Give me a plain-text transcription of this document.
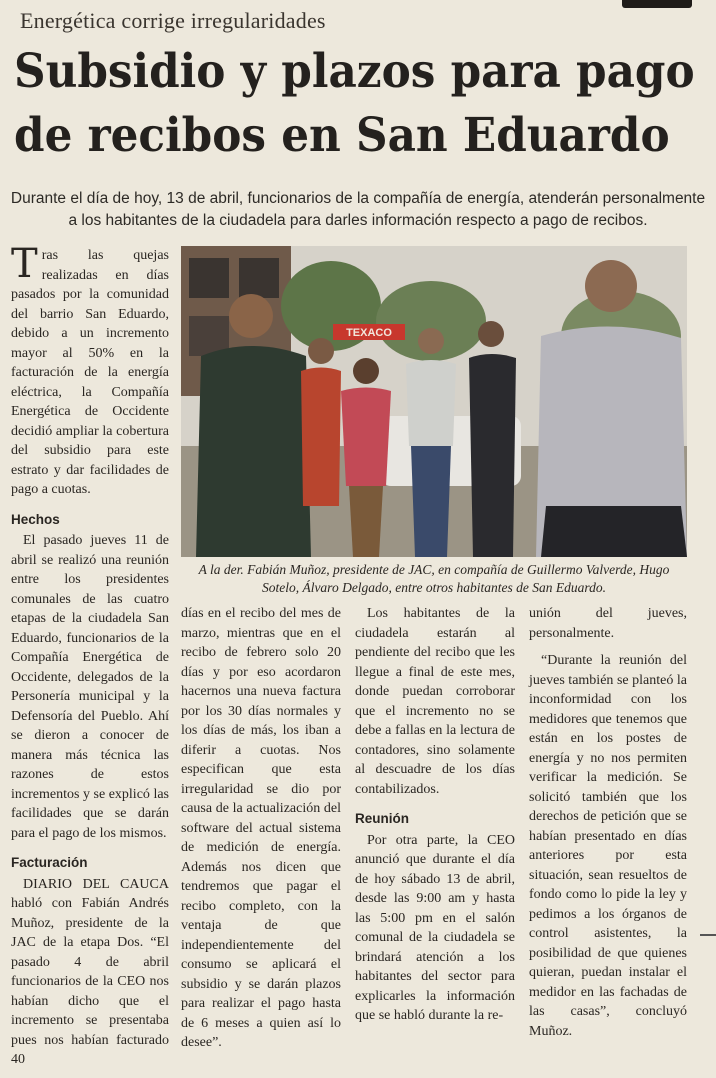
Energética corrige irregularidades
Subsidio y plazos para pago
de recibos en San Eduardo
Durante el día de hoy, 13 de abril, funcionarios de la compañía de energía, atenderán personalmente a los habitantes de la ciudadela para darles información respecto a pago de recibos.

Tras las quejas realizadas en días pasados por la comunidad del barrio San Eduardo, debido a un incremento mayor al 50% en la facturación de la energía eléctrica, la Compañía Energética de Occidente decidió ampliar la cobertura del subsidio para este estrato y dar facilidades de pago a cuotas.

Hechos

El pasado jueves 11 de abril se realizó una reunión entre los presidentes comunales de las cuatro etapas de la ciudadela San Eduardo, funcionarios de la Compañía Energética de Occidente, delegados de la Personería municipal y la Defensoría del Pueblo. Ahí se dieron a conocer de manera más técnica las razones de estos incrementos y se explicó las facilidades que se darán para el pago de los mismos.

Facturación

DIARIO DEL CAUCA habló con Fabián Andrés Muñoz, presidente de la JAC de la etapa Dos. “El pasado 4 de abril funcionarios de la CEO nos habían dicho que el incremento se presentaba pues nos habían facturado 40

TEXACO
A la der. Fabián Muñoz, presidente de JAC, en compañía de Guillermo Valverde, Hugo Sotelo, Álvaro Delgado, entre otros habitantes de San Eduardo.

días en el recibo del mes de marzo, mientras que en el recibo de febrero solo 20 días y por eso acordaron hacernos una nueva factura por los 30 días normales y los días de más, los iban a diferir a cuotas. Nos especifican que esta irregularidad se dio por causa de la actualización del software del actual sistema de medición de energía. Además nos dicen que tendremos que pagar el recibo completo, con la ventaja de que independientemente del consumo se aplicará el subsidio y se darán plazos para realizar el pago hasta de 6 meses a quien así lo desee”.

Los habitantes de la ciudadela estarán al pendiente del recibo que les llegue a final de este mes, donde puedan corroborar que el incremento no se debe a fallas en la lectura de contadores, sino solamente al descuadre de los días contabilizados.

Reunión

Por otra parte, la CEO anunció que durante el día de hoy sábado 13 de abril, desde las 9:00 am y hasta las 5:00 pm en el salón comunal de la ciudadela se brindará atención a los habitantes del sector para explicarles la información que se habló durante la re-

unión del jueves, personalmente.

“Durante la reunión del jueves también se planteó la inconformidad con los medidores que tenemos que están en los postes de energía y no nos permiten verificar la medición. Se solicitó también que los derechos de petición que se habían presentado en días anteriores por esta situación, sean resueltos de fondo como lo pide la ley y pedimos a los órganos de control asistentes, la posibilidad de que quienes quieran, puedan instalar el medidor en las fachadas de las casas”, concluyó Muñoz.
